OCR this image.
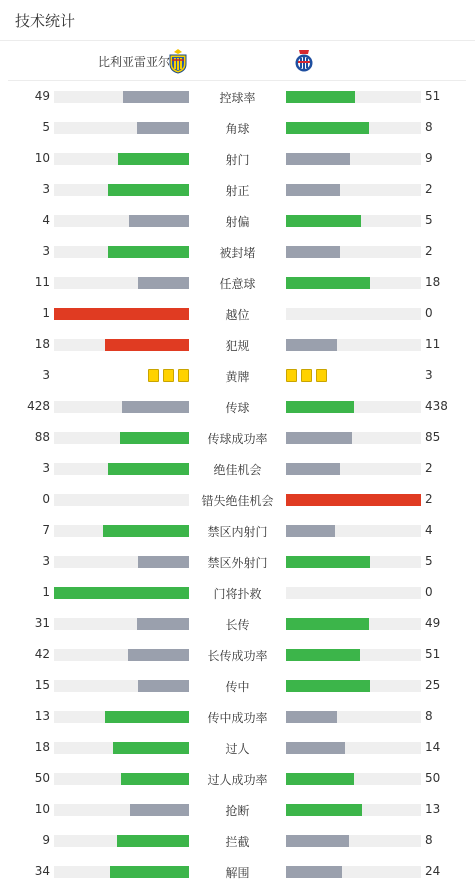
技术统计
比利亚雷亚尔
49	控球率	51
5	角球	8
10	射门	9
3	射正	2
4	射偏	5
3	被封堵	2
11	任意球	18
1	越位	0
18	犯规	11
3	黄牌	3
428	传球	438
88	传球成功率	85
3	绝佳机会	2
0	错失绝佳机会	2
7	禁区内射门	4
3	禁区外射门	5
1	门将扑救	0
31	长传	49
42	长传成功率	51
15	传中	25
13	传中成功率	8
18	过人	14
50	过人成功率	50
10	抢断	13
9	拦截	8
34	解围	24
